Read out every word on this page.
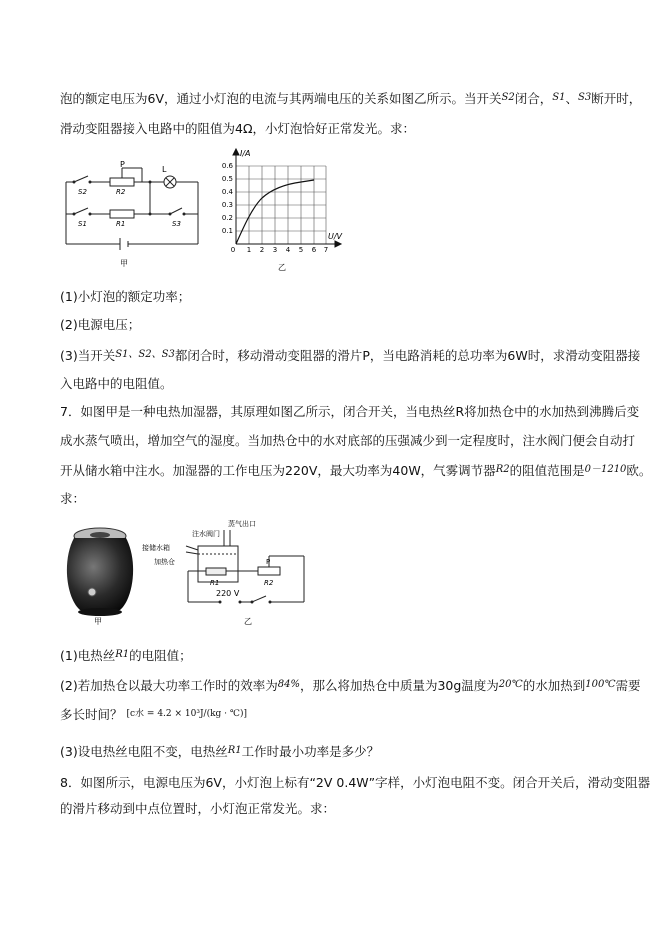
泡的额定电压为6V，通过小灯泡的电流与其两端电压的关系如图乙所示。当开关$^{S2}$闭合，$^{S1}$、$^{S3}$断开时，
滑动变阻器接入电路中的阻值为4Ω，小灯泡恰好正常发光。求：
P
L
S2	R2
S1	R1	S3
甲
I/A
U/V
0.6
0.5
0.4
0.3
0.2
0.1
0 1 2 3 4 5 6 7
乙
(1)小灯泡的额定功率；
(2)电源电压；
(3)当开关$^{S1、S2、S3}$都闭合时，移动滑动变阻器的滑片P，当电路消耗的总功率为6W时，求滑动变阻器接
入电路中的电阻值。
7．如图甲是一种电热加湿器，其原理如图乙所示，闭合开关，当电热丝R将加热仓中的水加热到沸腾后变
成水蒸气喷出，增加空气的湿度。当加热仓中的水对底部的压强减少到一定程度时，注水阀门便会自动打
开从储水箱中注水。加湿器的工作电压为220V，最大功率为40W，气雾调节器$^{R2}$的阻值范围是$^{0-1210}$欧。
求：
甲
注水阀门
蒸气出口
接储水箱
加热仓	P
R1	R2
220 V
乙
(1)电热丝$^{R1}$的电阻值；
(2)若加热仓以最大功率工作时的效率为$^{84\%}$，那么将加热仓中质量为30g温度为$^{20℃}$的水加热到$^{100℃}$需要
多长时间？ [c水 = 4.2 × 10³J/(kg · ℃)]
(3)设电热丝电阻不变，电热丝$^{R1}$工作时最小功率是多少？
8．如图所示，电源电压为6V，小灯泡上标有“2V 0.4W”字样，小灯泡电阻不变。闭合开关后，滑动变阻器
的滑片移动到中点位置时，小灯泡正常发光。求：
